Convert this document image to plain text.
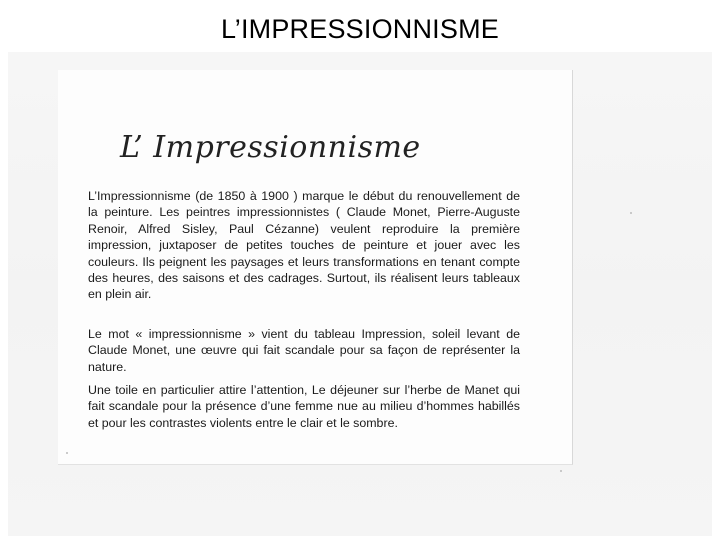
L’IMPRESSIONNISME
L’ Impressionnisme

L’Impressionnisme (de 1850 à 1900 ) marque le début du renouvellement de la peinture. Les peintres impressionnistes ( Claude Monet, Pierre-Auguste Renoir, Alfred Sisley, Paul Cézanne) veulent reproduire la première impression, juxtaposer de petites touches de peinture et jouer avec les couleurs. Ils peignent les paysages et leurs transformations en tenant compte des heures, des saisons et des cadrages. Surtout, ils réalisent leurs tableaux en plein air.

Le mot « impressionnisme » vient du tableau Impression, soleil levant de Claude Monet, une œuvre qui fait scandale pour sa façon de représenter la nature.

Une toile en particulier attire l’attention, Le déjeuner sur l’herbe de Manet qui fait scandale pour la présence d’une femme nue au milieu d’hommes habillés et pour les contrastes violents entre le clair et le sombre.
